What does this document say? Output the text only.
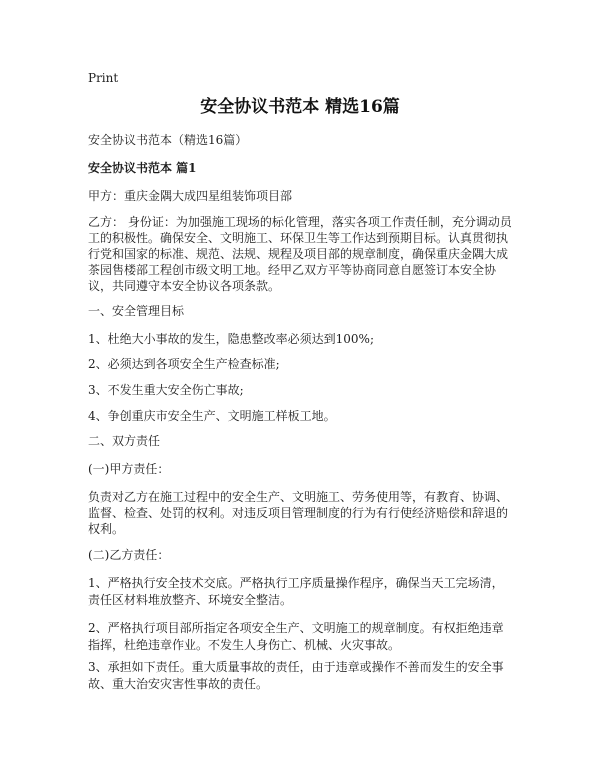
Print
安全协议书范本 精选16篇
安全协议书范本（精选16篇）
安全协议书范本 篇1
甲方：重庆金隅大成四星组装饰项目部
乙方： 身份证：为加强施工现场的标化管理，落实各项工作责任制，充分调动员工的积极性。确保安全、文明施工、环保卫生等工作达到预期目标。认真贯彻执行党和国家的标准、规范、法规、规程及项目部的规章制度，确保重庆金隅大成茶园售楼部工程创市级文明工地。经甲乙双方平等协商同意自愿签订本安全协议，共同遵守本安全协议各项条款。
一、安全管理目标
1、杜绝大小事故的发生，隐患整改率必须达到100%;
2、必须达到各项安全生产检查标准;
3、不发生重大安全伤亡事故;
4、争创重庆市安全生产、文明施工样板工地。
二、双方责任
(一)甲方责任：
负责对乙方在施工过程中的安全生产、文明施工、劳务使用等，有教育、协调、监督、检查、处罚的权利。对违反项目管理制度的行为有行使经济赔偿和辞退的权利。
(二)乙方责任：
1、严格执行安全技术交底。严格执行工序质量操作程序，确保当天工完场清，责任区材料堆放整齐、环境安全整洁。
2、严格执行项目部所指定各项安全生产、文明施工的规章制度。有权拒绝违章指挥，杜绝违章作业。不发生人身伤亡、机械、火灾事故。
3、承担如下责任。重大质量事故的责任，由于违章或操作不善而发生的安全事故、重大治安灾害性事故的责任。
